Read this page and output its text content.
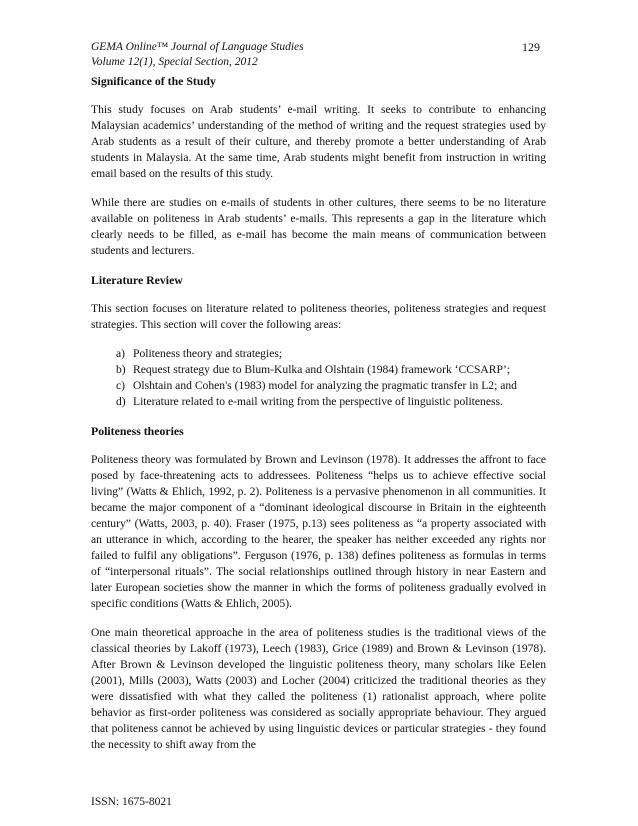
GEMA Online™ Journal of Language Studies
Volume 12(1), Special Section, 2012
129
Significance of the Study

This study focuses on Arab students’ e-mail writing. It seeks to contribute to enhancing Malaysian academics’ understanding of the method of writing and the request strategies used by Arab students as a result of their culture, and thereby promote a better understanding of Arab students in Malaysia. At the same time, Arab students might benefit from instruction in writing email based on the results of this study.

While there are studies on e-mails of students in other cultures, there seems to be no literature available on politeness in Arab students’ e-mails. This represents a gap in the literature which clearly needs to be filled, as e-mail has become the main means of communication between students and lecturers.

Literature Review

This section focuses on literature related to politeness theories, politeness strategies and request strategies. This section will cover the following areas:

a) Politeness theory and strategies;
b) Request strategy due to Blum-Kulka and Olshtain (1984) framework ‘CCSARP’;
c) Olshtain and Cohen's (1983) model for analyzing the pragmatic transfer in L2; and
d) Literature related to e-mail writing from the perspective of linguistic politeness.
Politeness theories

Politeness theory was formulated by Brown and Levinson (1978). It addresses the affront to face posed by face-threatening acts to addressees. Politeness “helps us to achieve effective social living” (Watts & Ehlich, 1992, p. 2). Politeness is a pervasive phenomenon in all communities. It became the major component of a “dominant ideological discourse in Britain in the eighteenth century” (Watts, 2003, p. 40). Fraser (1975, p.13) sees politeness as “a property associated with an utterance in which, according to the hearer, the speaker has neither exceeded any rights nor failed to fulfil any obligations”. Ferguson (1976, p. 138) defines politeness as formulas in terms of “interpersonal rituals”. The social relationships outlined through history in near Eastern and later European societies show the manner in which the forms of politeness gradually evolved in specific conditions (Watts & Ehlich, 2005).

One main theoretical approache in the area of politeness studies is the traditional views of the classical theories by Lakoff (1973), Leech (1983), Grice (1989) and Brown & Levinson (1978). After Brown & Levinson developed the linguistic politeness theory, many scholars like Eelen (2001), Mills (2003), Watts (2003) and Locher (2004) criticized the traditional theories as they were dissatisfied with what they called the politeness (1) rationalist approach, where polite behavior as first-order politeness was considered as socially appropriate behaviour. They argued that politeness cannot be achieved by using linguistic devices or particular strategies - they found the necessity to shift away from the

ISSN: 1675-8021
